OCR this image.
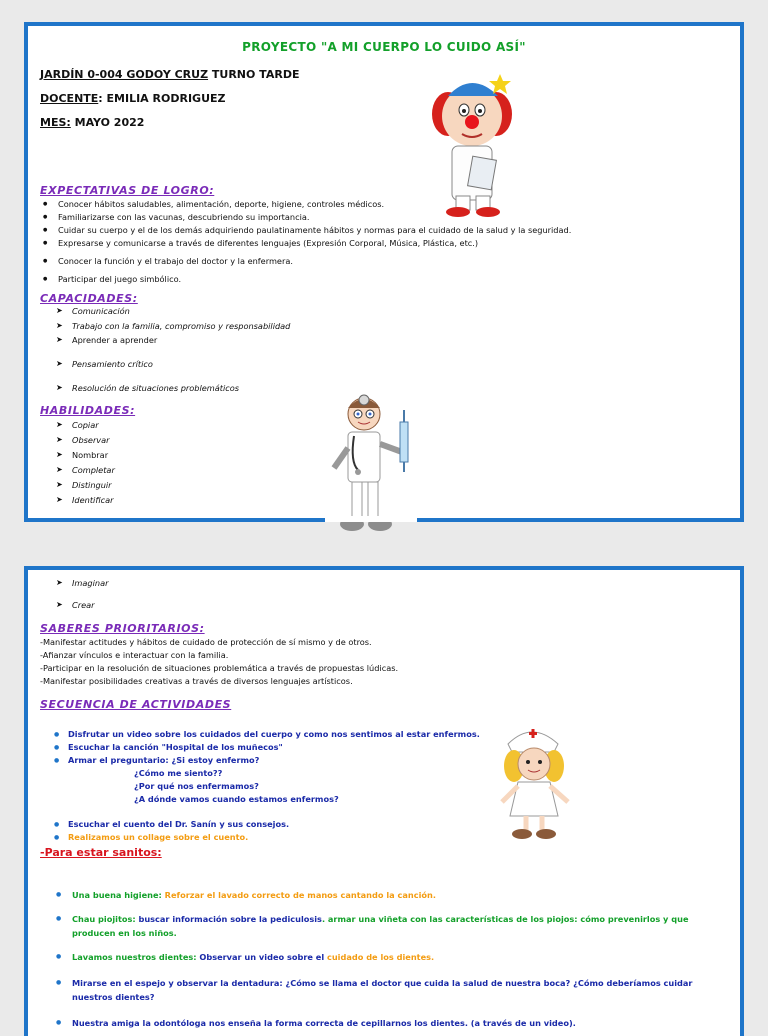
PROYECTO "A MI CUERPO LO CUIDO ASÍ"
JARDÍN 0-004 GODOY CRUZ TURNO TARDE
DOCENTE: EMILIA RODRIGUEZ
MES: MAYO 2022
EXPECTATIVAS DE LOGRO:
● Conocer hábitos saludables, alimentación, deporte, higiene, controles médicos.
● Familiarizarse con las vacunas, descubriendo su importancia.
● Cuidar su cuerpo y el de los demás adquiriendo paulatinamente hábitos y normas para el cuidado de la salud y la seguridad.
● Expresarse y comunicarse a través de diferentes lenguajes (Expresión Corporal, Música, Plástica, etc.)
● Conocer la función y el trabajo del doctor y la enfermera.
● Participar del juego simbólico.
CAPACIDADES:
➤ Comunicación
➤ Trabajo con la familia, compromiso y responsabilidad
➤ Aprender a aprender
➤ Pensamiento crítico
➤ Resolución de situaciones problemáticos
HABILIDADES:
➤ Copiar
➤ Observar
➤ Nombrar
➤ Completar
➤ Distinguir
➤ Identificar
➤ Imaginar
➤ Crear
SABERES PRIORITARIOS:
-Manifestar actitudes y hábitos de cuidado de protección de sí mismo y de otros.
-Afianzar vínculos e interactuar con la familia.
-Participar en la resolución de situaciones problemática a través de propuestas lúdicas.
-Manifestar posibilidades creativas a través de diversos lenguajes artísticos.
SECUENCIA DE ACTIVIDADES
● Disfrutar un video sobre los cuidados del cuerpo y como nos sentimos al estar enfermos.
● Escuchar la canción "Hospital de los muñecos"
● Armar el preguntario: ¿Si estoy enfermo?
¿Cómo me siento??
¿Por qué nos enfermamos?
¿A dónde vamos cuando estamos enfermos?
● Escuchar el cuento del Dr. Sanín y sus consejos.
● Realizamos un collage sobre el cuento.
-Para estar sanitos:
● Una buena higiene: Reforzar el lavado correcto de manos cantando la canción.
● Chau piojitos: buscar información sobre la pediculosis. armar una viñeta con las características de los piojos: cómo prevenirlos y que producen en los niños.
● Lavamos nuestros dientes: Observar un video sobre el cuidado de los dientes.
● Mirarse en el espejo y observar la dentadura: ¿Cómo se llama el doctor que cuida la salud de nuestra boca? ¿Cómo deberíamos cuidar nuestros dientes?
● Nuestra amiga la odontóloga nos enseña la forma correcta de cepillarnos los dientes. (a través de un video).
